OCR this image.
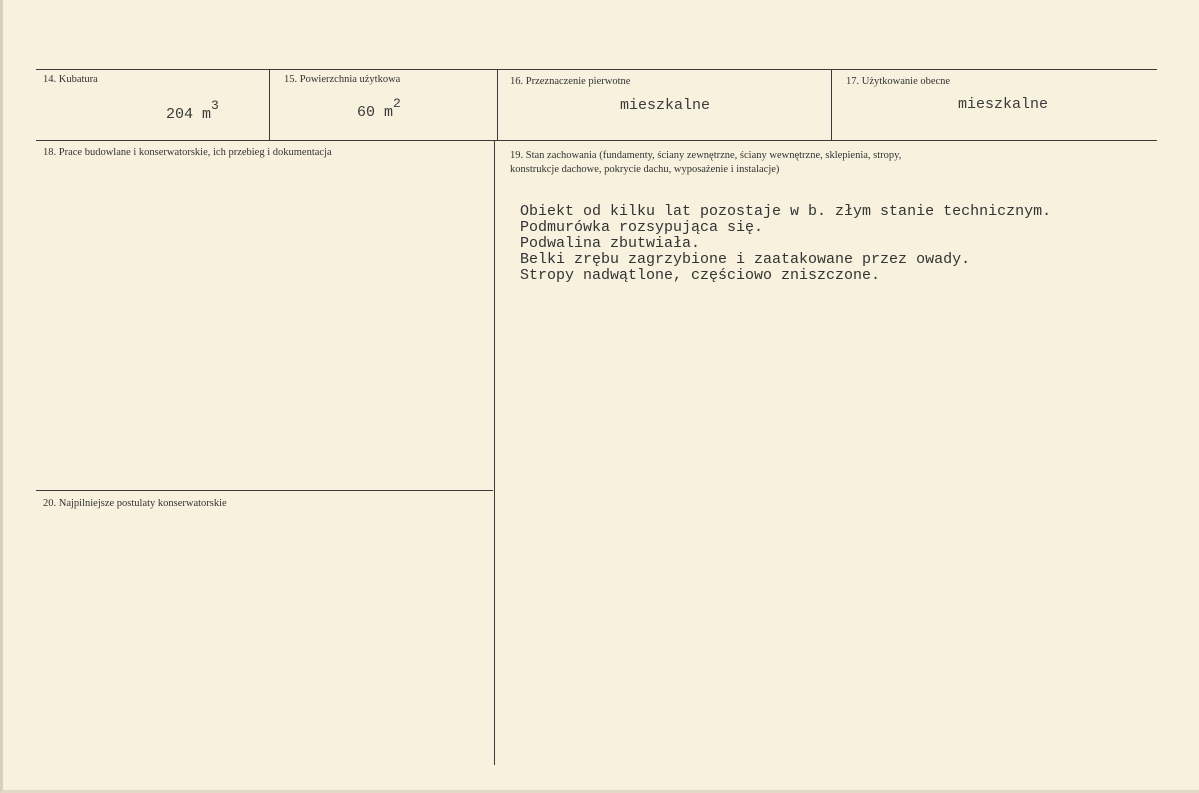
14. Kubatura
204 $m^3$
15. Powierzchnia użytkowa
60 $m^2$
16. Przeznaczenie pierwotne
mieszkalne
17. Użytkowanie obecne
mieszkalne
18. Prace budowlane i konserwatorskie, ich przebieg i dokumentacja	19. Stan zachowania (fundamenty, ściany zewnętrzne, ściany wewnętrzne, sklepienia, stropy,
konstrukcje dachowe, pokrycie dachu, wyposażenie i instalacje)
Obiekt od kilku lat pozostaje w b. złym stanie technicznym.
Podmurówka rozsypująca się.
Podwalina zbutwiała.
Belki zrębu zagrzybione i zaatakowane przez owady.
Stropy nadwątlone, częściowo zniszczone.
20. Najpilniejsze postulaty konserwatorskie
